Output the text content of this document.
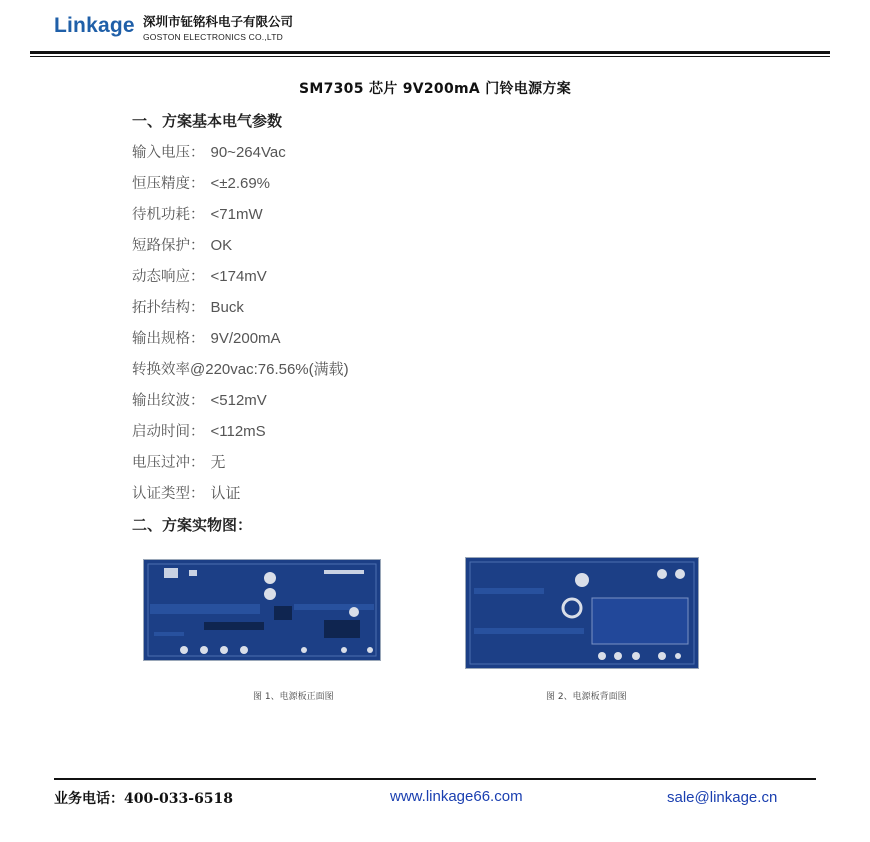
Linkage 深圳市钲铭科电子有限公司
GOSTON ELECTRONICS CO.,LTD
SM7305 芯片 9V200mA 门铃电源方案
一、方案基本电气参数
输入电压： 90~264Vac
恒压精度： <±2.69%
待机功耗： <71mW
短路保护： OK
动态响应： <174mV
拓扑结构： Buck
输出规格： 9V/200mA
转换效率@220vac:76.56%(满载)
输出纹波： <512mV
启动时间： <112mS
电压过冲： 无
认证类型： 认证
二、方案实物图：
图 1、电源板正面图	图 2、电源板背面图
业务电话：400-033-6518	www.linkage66.com	sale@linkage.cn
